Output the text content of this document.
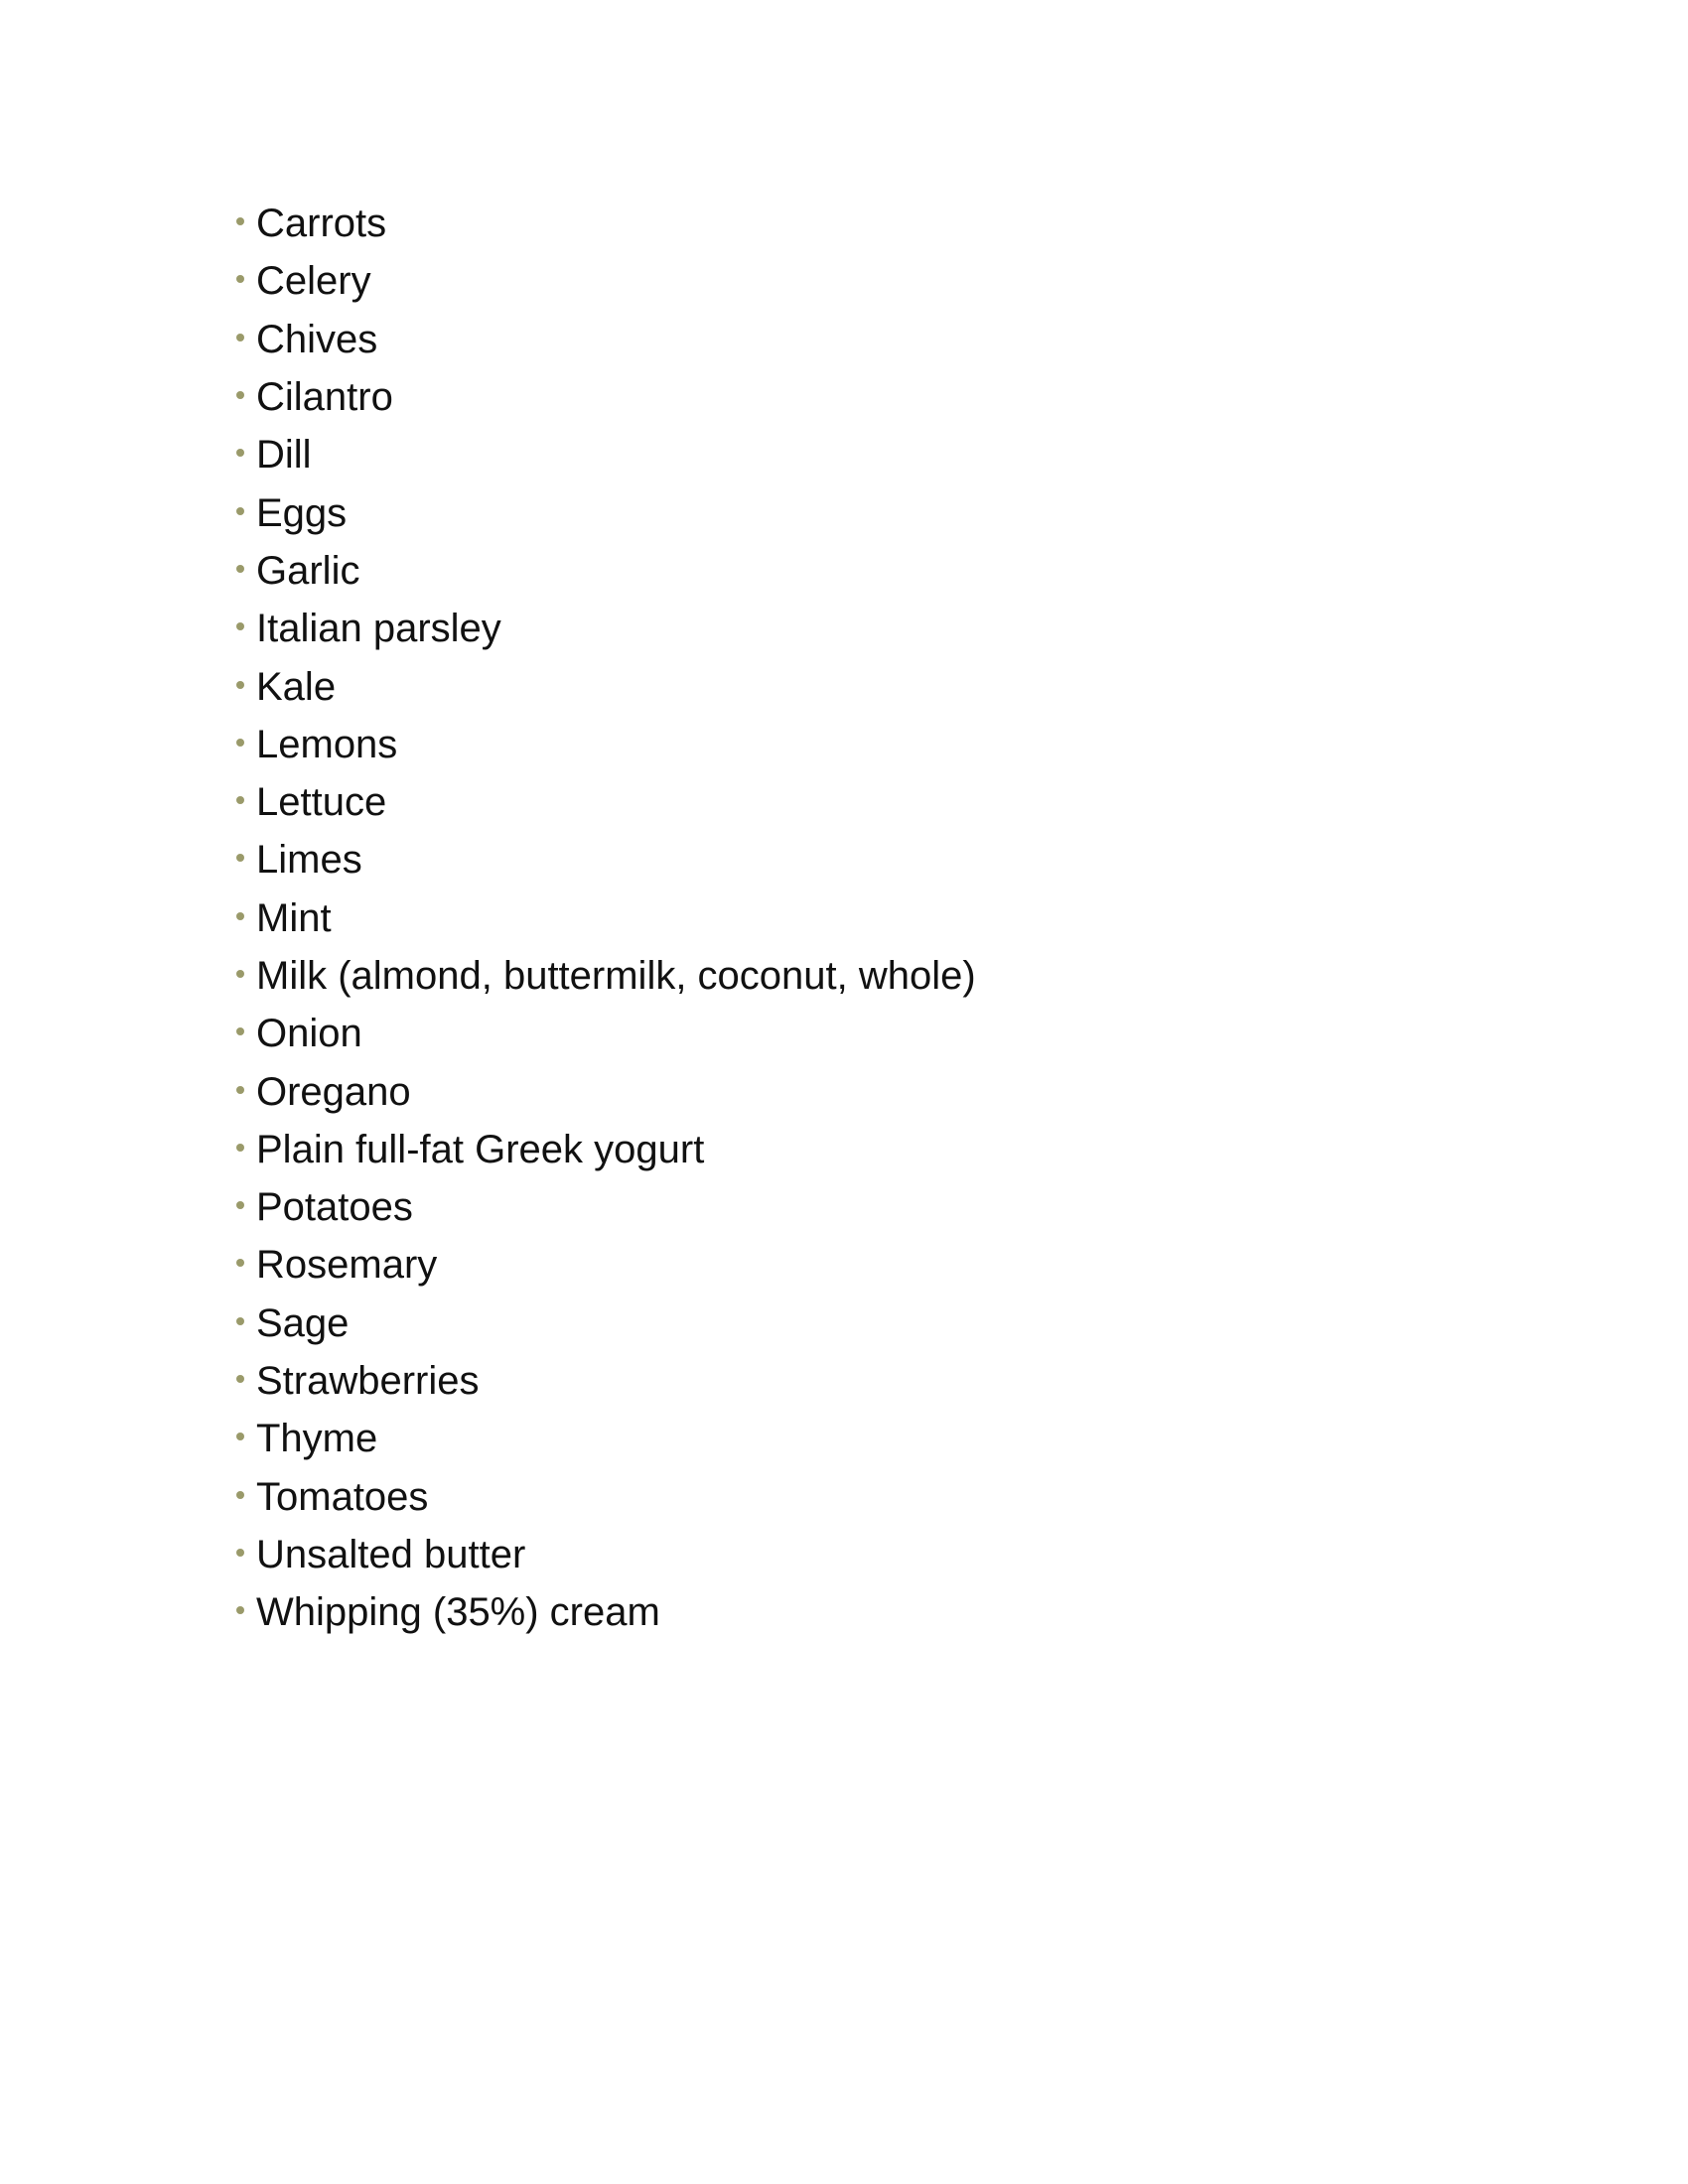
Carrots
Celery
Chives
Cilantro
Dill
Eggs
Garlic
Italian parsley
Kale
Lemons
Lettuce
Limes
Mint
Milk (almond, buttermilk, coconut, whole)
Onion
Oregano
Plain full-fat Greek yogurt
Potatoes
Rosemary
Sage
Strawberries
Thyme
Tomatoes
Unsalted butter
Whipping (35%) cream
